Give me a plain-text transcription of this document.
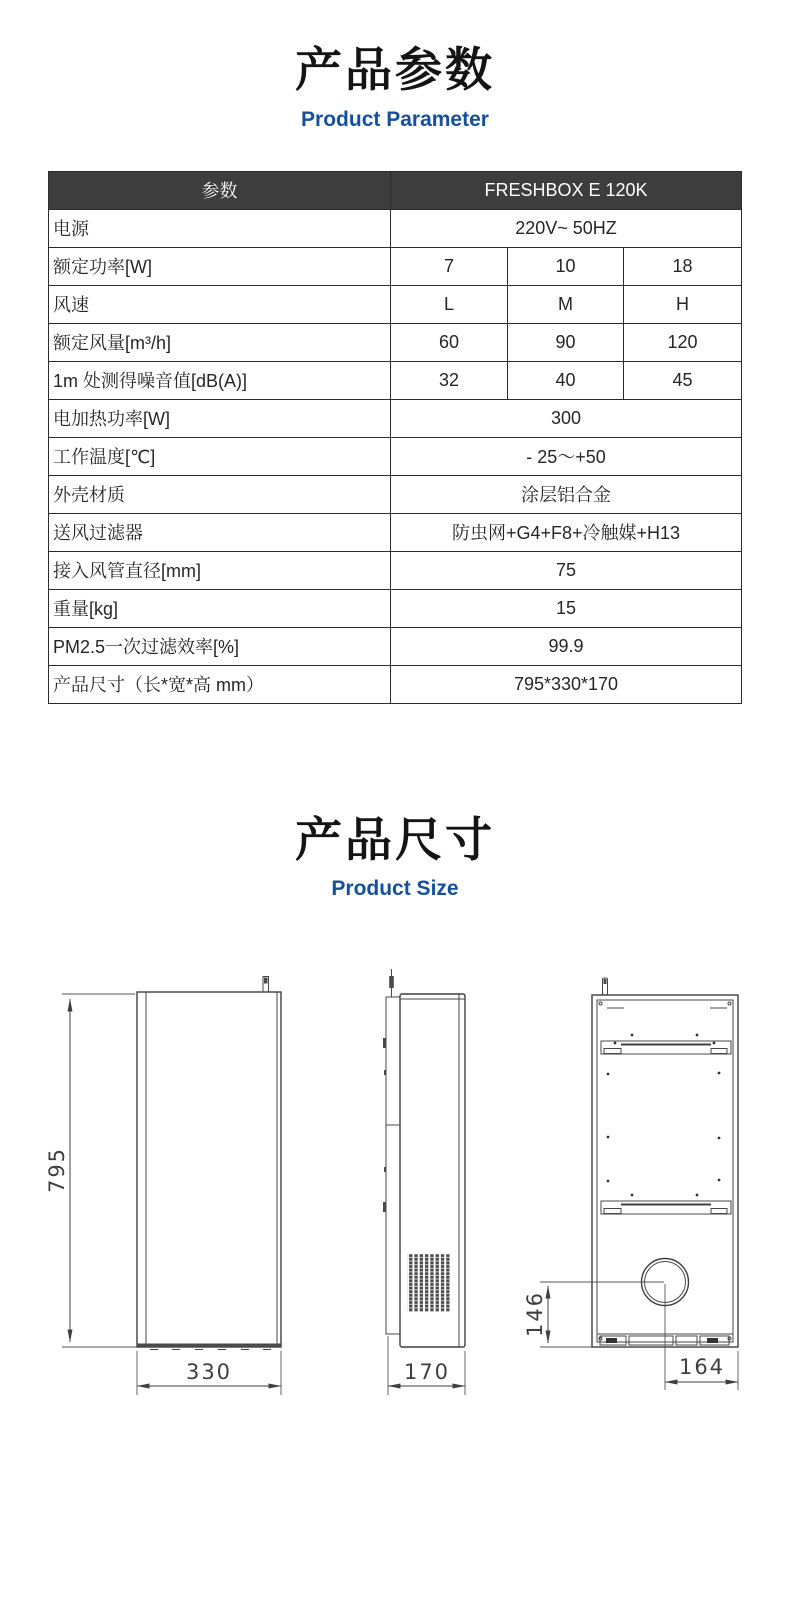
产品参数
Product Parameter
参数	FRESHBOX E 120K		
电源	220V~ 50HZ		
额定功率[W]	7	10	18
风速	L	M	H
额定风量[m³/h]	60	90	120
1m 处测得噪音值[dB(A)]	32	40	45
电加热功率[W]	300		
工作温度[℃]	- 25～+50		
外壳材质	涂层铝合金		
送风过滤器	防虫网+G4+F8+冷触媒+H13		
接入风管直径[mm]	75		
重量[kg]	15		
PM2.5一次过滤效率[%]	99.9		
产品尺寸（长*宽*高 mm）	795*330*170		
产品尺寸
Product Size
795
330	170
146
164
